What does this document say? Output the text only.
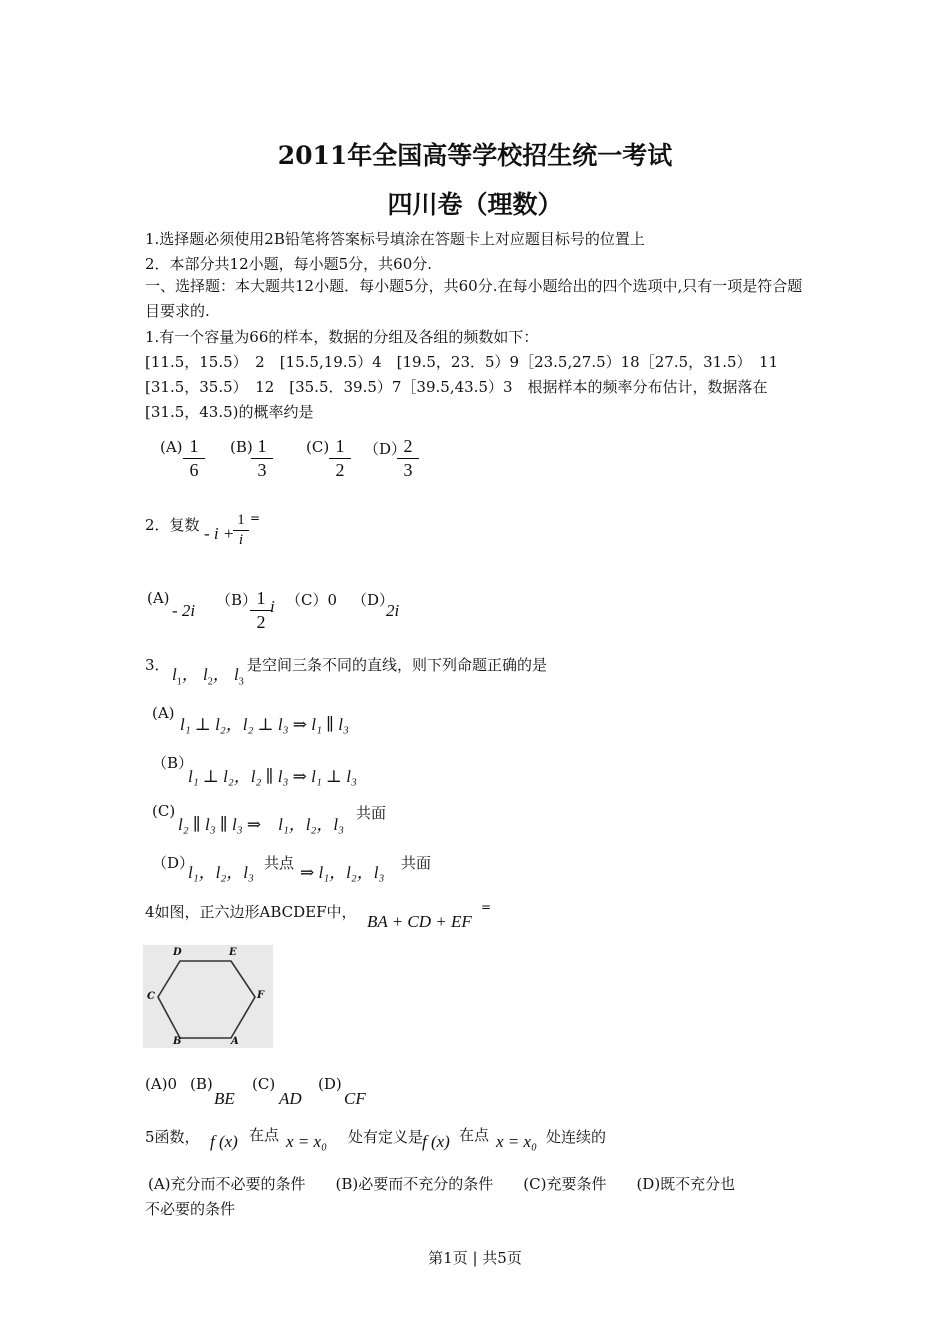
2011年全国高等学校招生统一考试
四川卷（理数）
1.选择题必须使用2B铅笔将答案标号填涂在答题卡上对应题目标号的位置上
2．本部分共12小题，每小题5分，共60分.
一、选择题：本大题共12小题．每小题5分，共60分.在每小题给出的四个选项中,只有一项是符合题目要求的.
1.有一个容量为66的样本，数据的分组及各组的频数如下：
[11.5，15.5）　2　[15.5,19.5）4　[19.5，23．5）9［23.5,27.5）18［27.5，31.5）　11
[31.5，35.5）　12　[35.5．39.5）7［39.5,43.5）3　根据样本的频率分布估计，数据落在
[31.5，43.5)的概率约是
(A) 1
6
(B) 1
3
(C) 1
2
（D）
2
3
2．复数 - i +
1
i
=
(A)
- 2i
（B） 1
2
i （C）0 （D）
2i
3． $l_1$， $l_2$， $l_3$
是空间三条不同的直线，则下列命题正确的是
(A)
l₁ ⊥ l₂，l₂ ⊥ l₃ ⇒ l₁ ∥ l₃
（B）
l₁ ⊥ l₂，l₂ ∥ l₃ ⇒ l₁ ⊥ l₃
(C)
l₂ ∥ l₃ ∥ l₃ ⇒　l₁，l₂，l₃
共面
（D）
l₁，l₂，l₃ 共点 ⇒ l₁，l₂，l₃ 共面
4如图，正六边形ABCDEF中， BA + CD + EF
=
D	E
F
A
B
C
(A)0 (B)
BE
(C)
AD
(D)
CF
5函数， f (x) 在点 x = x₀ 处有定义是
f (x) 在点 x = x₀ 处连续的
(A)充分而不必要的条件　　(B)必要而不充分的条件　　(C)充要条件　　(D)既不充分也
不必要的条件
第1页 | 共5页
